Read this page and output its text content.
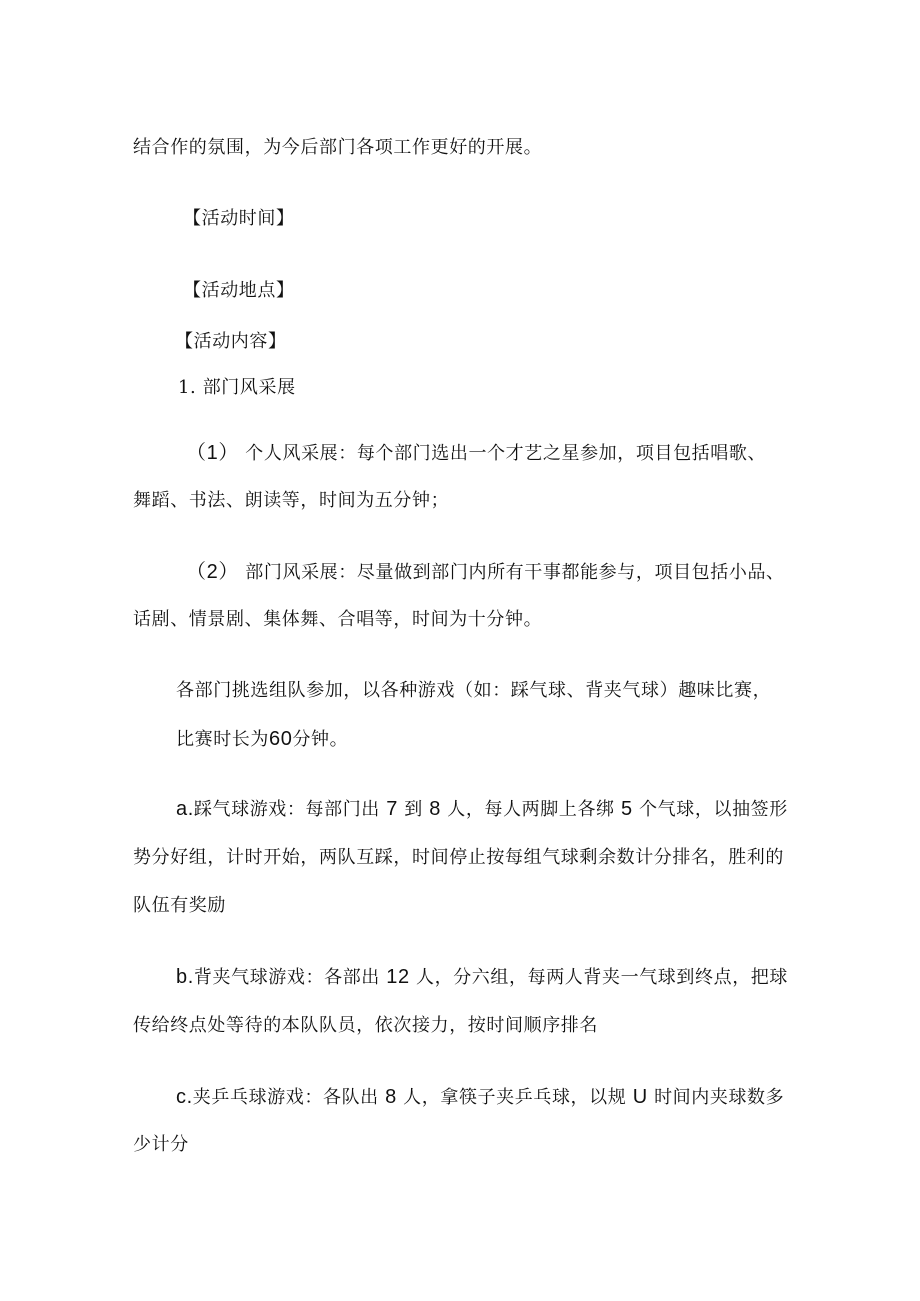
结合作的氛围，为今后部门各项工作更好的开展。
【活动时间】
【活动地点】
【活动内容】
1. 部门风采展
（1） 个人风采展：每个部门选出一个才艺之星参加，项目包括唱歌、
舞蹈、书法、朗读等，时间为五分钟；
（2） 部门风采展：尽量做到部门内所有干事都能参与，项目包括小品、
话剧、情景剧、集体舞、合唱等，时间为十分钟。
各部门挑选组队参加，以各种游戏（如：踩气球、背夹气球）趣味比赛，
比赛时长为60分钟。
a.踩气球游戏：每部门出 7 到 8 人，每人两脚上各绑 5 个气球，以抽签形
势分好组，计时开始，两队互踩，时间停止按每组气球剩余数计分排名，胜利的
队伍有奖励
b.背夹气球游戏：各部出 12 人，分六组，每两人背夹一气球到终点，把球
传给终点处等待的本队队员，依次接力，按时间顺序排名
c.夹乒乓球游戏：各队出 8 人，拿筷子夹乒乓球，以规 U 时间内夹球数多
少计分
